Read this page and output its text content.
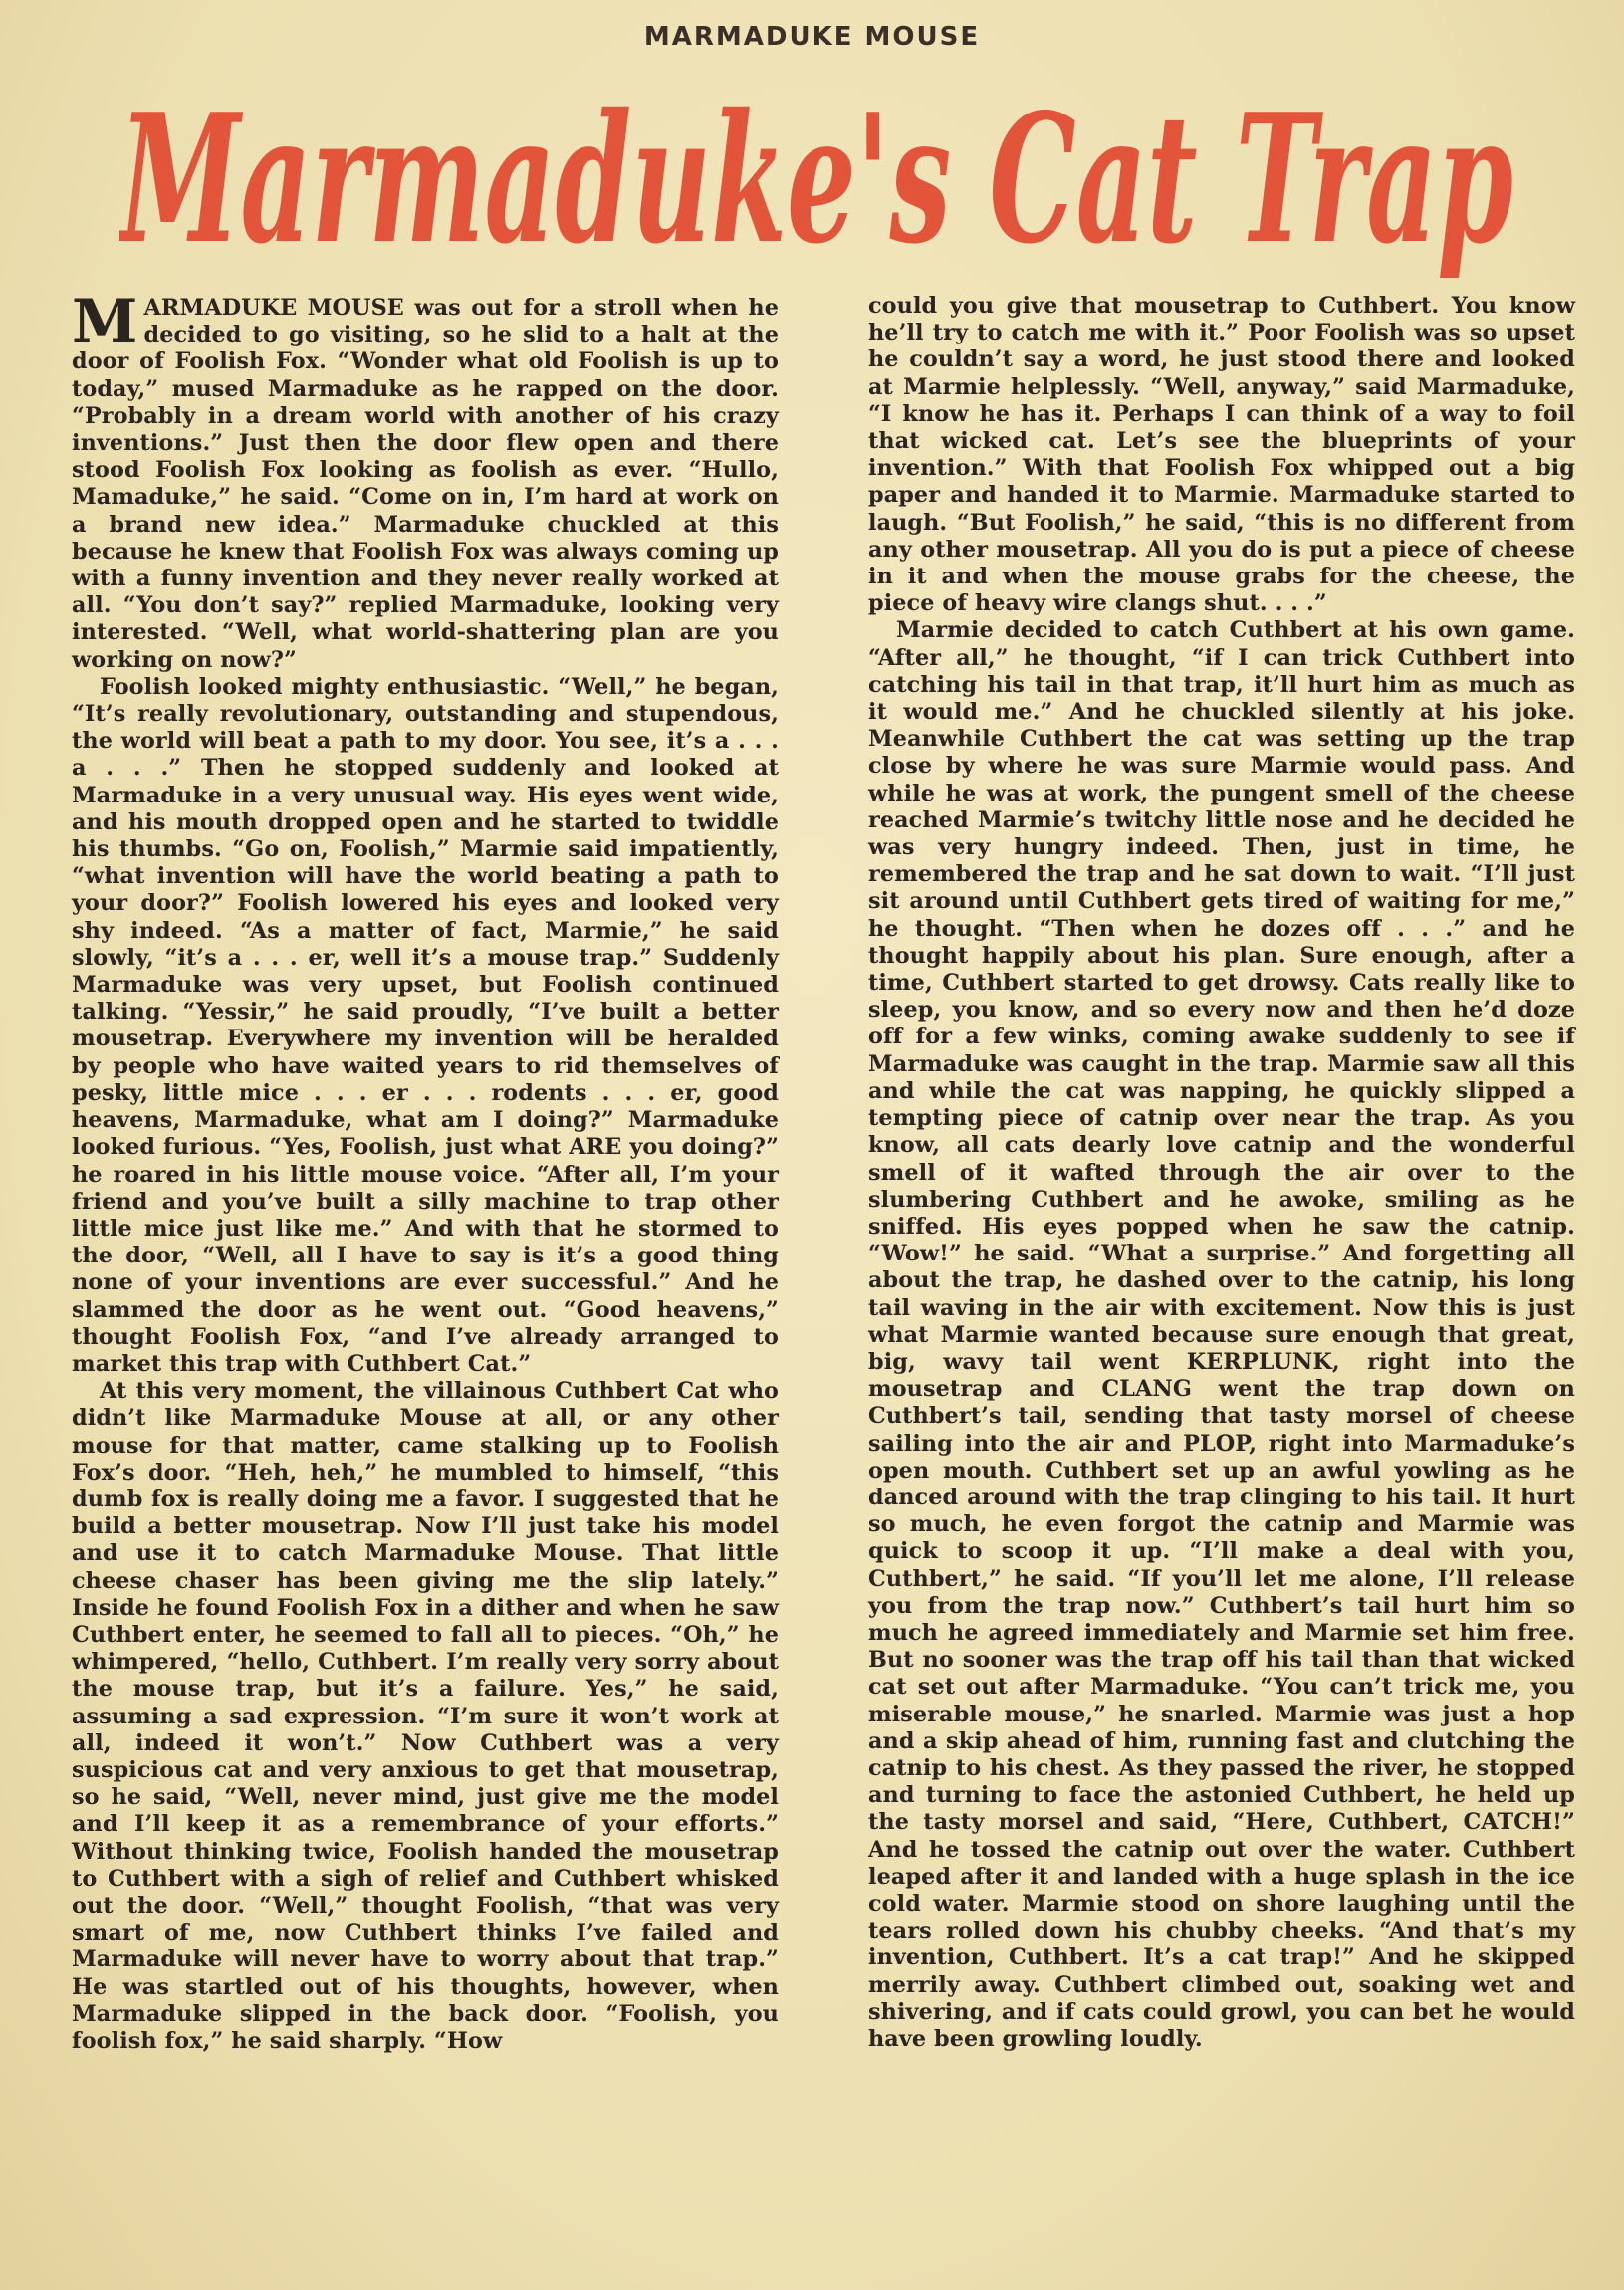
MARMADUKE MOUSE
Marmaduke's Cat Trap

MARMADUKE MOUSE was out for a stroll when he decided to go visiting, so he slid to a halt at the door of Foolish Fox. “Wonder what old Foolish is up to today,” mused Marmaduke as he rapped on the door. “Probably in a dream world with another of his crazy inventions.” Just then the door flew open and there stood Foolish Fox looking as foolish as ever. “Hullo, Mamaduke,” he said. “Come on in, I’m hard at work on a brand new idea.” Marmaduke chuckled at this because he knew that Foolish Fox was always coming up with a funny invention and they never really worked at all. “You don’t say?” replied Marmaduke, looking very interested. “Well, what world-shattering plan are you working on now?”

Foolish looked mighty enthusiastic. “Well,” he began, “It’s really revolutionary, outstanding and stupendous, the world will beat a path to my door. You see, it’s a . . . a . . .” Then he stopped suddenly and looked at Marmaduke in a very unusual way. His eyes went wide, and his mouth dropped open and he started to twiddle his thumbs. “Go on, Foolish,” Marmie said impatiently, “what invention will have the world beating a path to your door?” Foolish lowered his eyes and looked very shy indeed. “As a matter of fact, Marmie,” he said slowly, “it’s a . . . er, well it’s a mouse trap.” Suddenly Marmaduke was very upset, but Foolish continued talking. “Yessir,” he said proudly, “I’ve built a better mousetrap. Everywhere my invention will be heralded by people who have waited years to rid themselves of pesky, little mice . . . er . . . rodents . . . er, good heavens, Marmaduke, what am I doing?” Marmaduke looked furious. “Yes, Foolish, just what ARE you doing?” he roared in his little mouse voice. “After all, I’m your friend and you’ve built a silly machine to trap other little mice just like me.” And with that he stormed to the door, “Well, all I have to say is it’s a good thing none of your inventions are ever successful.” And he slammed the door as he went out. “Good heavens,” thought Foolish Fox, “and I’ve already arranged to market this trap with Cuthbert Cat.”

At this very moment, the villainous Cuthbert Cat who didn’t like Marmaduke Mouse at all, or any other mouse for that matter, came stalking up to Foolish Fox’s door. “Heh, heh,” he mumbled to himself, “this dumb fox is really doing me a favor. I suggested that he build a better mousetrap. Now I’ll just take his model and use it to catch Marmaduke Mouse. That little cheese chaser has been giving me the slip lately.” Inside he found Foolish Fox in a dither and when he saw Cuthbert enter, he seemed to fall all to pieces. “Oh,” he whimpered, “hello, Cuthbert. I’m really very sorry about the mouse trap, but it’s a failure. Yes,” he said, assuming a sad expression. “I’m sure it won’t work at all, indeed it won’t.” Now Cuthbert was a very suspicious cat and very anxious to get that mousetrap, so he said, “Well, never mind, just give me the model and I’ll keep it as a remembrance of your efforts.” Without thinking twice, Foolish handed the mousetrap to Cuthbert with a sigh of relief and Cuthbert whisked out the door. “Well,” thought Foolish, “that was very smart of me, now Cuthbert thinks I’ve failed and Marmaduke will never have to worry about that trap.” He was startled out of his thoughts, however, when Marmaduke slipped in the back door. “Foolish, you foolish fox,” he said sharply. “How

could you give that mousetrap to Cuthbert. You know he’ll try to catch me with it.” Poor Foolish was so upset he couldn’t say a word, he just stood there and looked at Marmie helplessly. “Well, anyway,” said Marmaduke, “I know he has it. Perhaps I can think of a way to foil that wicked cat. Let’s see the blueprints of your invention.” With that Foolish Fox whipped out a big paper and handed it to Marmie. Marmaduke started to laugh. “But Foolish,” he said, “this is no different from any other mousetrap. All you do is put a piece of cheese in it and when the mouse grabs for the cheese, the piece of heavy wire clangs shut. . . .”

Marmie decided to catch Cuthbert at his own game. “After all,” he thought, “if I can trick Cuthbert into catching his tail in that trap, it’ll hurt him as much as it would me.” And he chuckled silently at his joke. Meanwhile Cuthbert the cat was setting up the trap close by where he was sure Marmie would pass. And while he was at work, the pungent smell of the cheese reached Marmie’s twitchy little nose and he decided he was very hungry indeed. Then, just in time, he remembered the trap and he sat down to wait. “I’ll just sit around until Cuthbert gets tired of waiting for me,” he thought. “Then when he dozes off . . .” and he thought happily about his plan. Sure enough, after a time, Cuthbert started to get drowsy. Cats really like to sleep, you know, and so every now and then he’d doze off for a few winks, coming awake suddenly to see if Marmaduke was caught in the trap. Marmie saw all this and while the cat was napping, he quickly slipped a tempting piece of catnip over near the trap. As you know, all cats dearly love catnip and the wonderful smell of it wafted through the air over to the slumbering Cuthbert and he awoke, smiling as he sniffed. His eyes popped when he saw the catnip. “Wow!” he said. “What a surprise.” And forgetting all about the trap, he dashed over to the catnip, his long tail waving in the air with excitement. Now this is just what Marmie wanted because sure enough that great, big, wavy tail went KERPLUNK, right into the mousetrap and CLANG went the trap down on Cuthbert’s tail, sending that tasty morsel of cheese sailing into the air and PLOP, right into Marmaduke’s open mouth. Cuthbert set up an awful yowling as he danced around with the trap clinging to his tail. It hurt so much, he even forgot the catnip and Marmie was quick to scoop it up. “I’ll make a deal with you, Cuthbert,” he said. “If you’ll let me alone, I’ll release you from the trap now.” Cuthbert’s tail hurt him so much he agreed immediately and Marmie set him free. But no sooner was the trap off his tail than that wicked cat set out after Marmaduke. “You can’t trick me, you miserable mouse,” he snarled. Marmie was just a hop and a skip ahead of him, running fast and clutching the catnip to his chest. As they passed the river, he stopped and turning to face the astonied Cuthbert, he held up the tasty morsel and said, “Here, Cuthbert, CATCH!” And he tossed the catnip out over the water. Cuthbert leaped after it and landed with a huge splash in the ice cold water. Marmie stood on shore laughing until the tears rolled down his chubby cheeks. “And that’s my invention, Cuthbert. It’s a cat trap!” And he skipped merrily away. Cuthbert climbed out, soaking wet and shivering, and if cats could growl, you can bet he would have been growling loudly.
